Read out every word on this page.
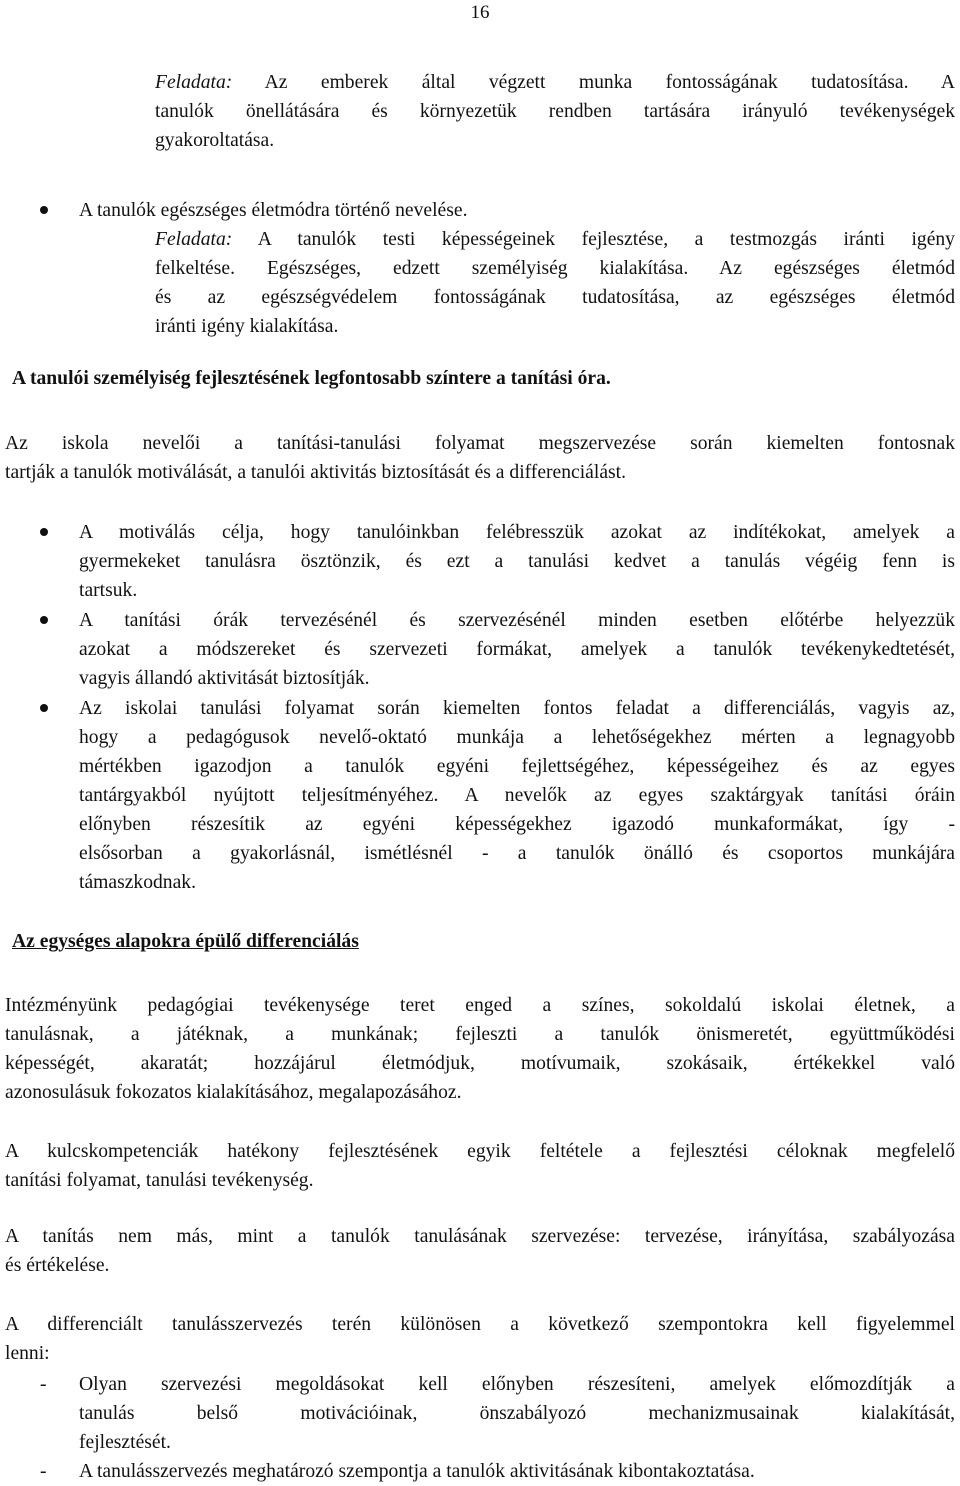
16
Feladata: Az emberek által végzett munka fontosságának tudatosítása. A
tanulók önellátására és környezetük rendben tartására irányuló tevékenységek
gyakoroltatása.
A tanulók egészséges életmódra történő nevelése.
Feladata: A tanulók testi képességeinek fejlesztése, a testmozgás iránti igény
felkeltése. Egészséges, edzett személyiség kialakítása. Az egészséges életmód
és az egészségvédelem fontosságának tudatosítása, az egészséges életmód
iránti igény kialakítása.
A tanulói személyiség fejlesztésének legfontosabb színtere a tanítási óra.
Az iskola nevelői a tanítási-tanulási folyamat megszervezése során kiemelten fontosnak
tartják a tanulók motiválását, a tanulói aktivitás biztosítását és a differenciálást.
A motiválás célja, hogy tanulóinkban felébresszük azokat az indítékokat, amelyek a
gyermekeket tanulásra ösztönzik, és ezt a tanulási kedvet a tanulás végéig fenn is
tartsuk.
A tanítási órák tervezésénél és szervezésénél minden esetben előtérbe helyezzük
azokat a módszereket és szervezeti formákat, amelyek a tanulók tevékenykedtetését,
vagyis állandó aktivitását biztosítják.
Az iskolai tanulási folyamat során kiemelten fontos feladat a differenciálás, vagyis az,
hogy a pedagógusok nevelő-oktató munkája a lehetőségekhez mérten a legnagyobb
mértékben igazodjon a tanulók egyéni fejlettségéhez, képességeihez és az egyes
tantárgyakból nyújtott teljesítményéhez. A nevelők az egyes szaktárgyak tanítási óráin
előnyben részesítik az egyéni képességekhez igazodó munkaformákat, így -
elsősorban a gyakorlásnál, ismétlésnél - a tanulók önálló és csoportos munkájára
támaszkodnak.
Az egységes alapokra épülő differenciálás
Intézményünk pedagógiai tevékenysége teret enged a színes, sokoldalú iskolai életnek, a
tanulásnak, a játéknak, a munkának; fejleszti a tanulók önismeretét, együttműködési
képességét, akaratát; hozzájárul életmódjuk, motívumaik, szokásaik, értékekkel való
azonosulásuk fokozatos kialakításához, megalapozásához.
A kulcskompetenciák hatékony fejlesztésének egyik feltétele a fejlesztési céloknak megfelelő
tanítási folyamat, tanulási tevékenység.
A tanítás nem más, mint a tanulók tanulásának szervezése: tervezése, irányítása, szabályozása
és értékelése.
A differenciált tanulásszervezés terén különösen a következő szempontokra kell figyelemmel
lenni:
- Olyan szervezési megoldásokat kell előnyben részesíteni, amelyek előmozdítják a
tanulás belső motivációinak, önszabályozó mechanizmusainak kialakítását,
fejlesztését.
- A tanulásszervezés meghatározó szempontja a tanulók aktivitásának kibontakoztatása.
